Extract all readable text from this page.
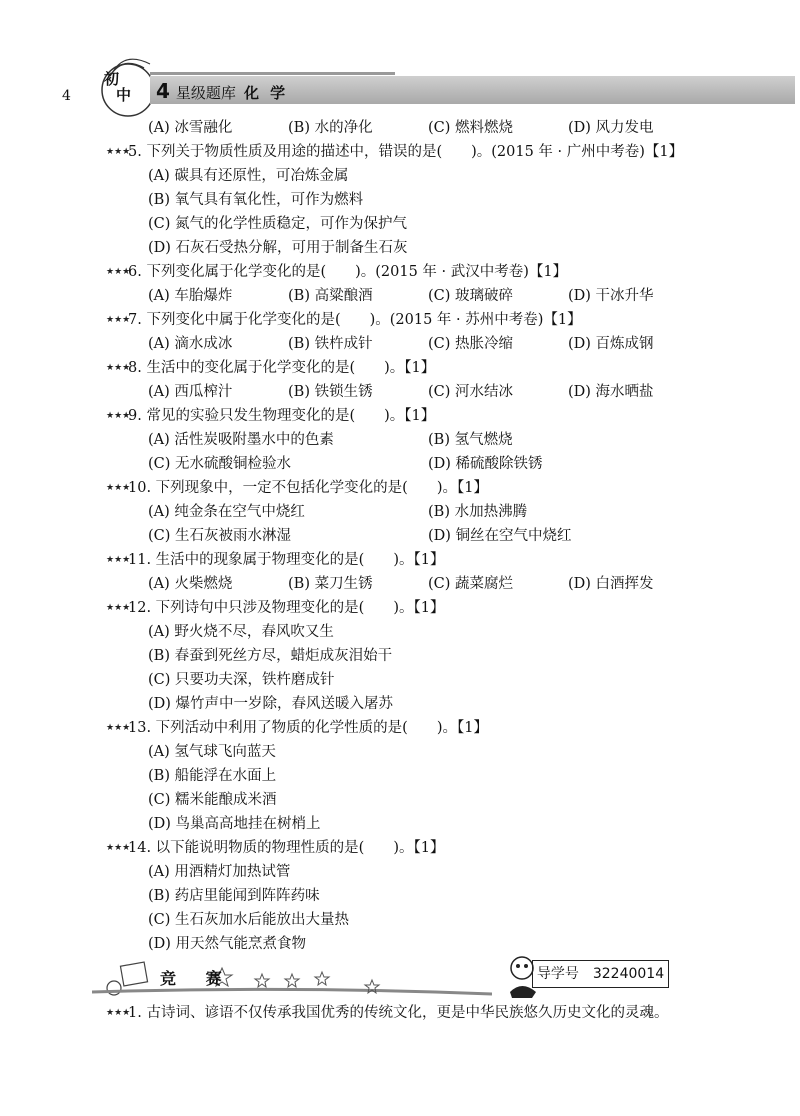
4
初
中 4 星级题库 化 学
(A) 冰雪融化	(B) 水的净化	(C) 燃料燃烧	(D) 风力发电
★★★5. 下列关于物质性质及用途的描述中，错误的是(　　)。(2015 年 · 广州中考卷)【1】
(A) 碳具有还原性，可冶炼金属
(B) 氧气具有氧化性，可作为燃料
(C) 氮气的化学性质稳定，可作为保护气
(D) 石灰石受热分解，可用于制备生石灰
★★★6. 下列变化属于化学变化的是(　　)。(2015 年 · 武汉中考卷)【1】
(A) 车胎爆炸	(B) 高粱酿酒	(C) 玻璃破碎	(D) 干冰升华
★★★7. 下列变化中属于化学变化的是(　　)。(2015 年 · 苏州中考卷)【1】
(A) 滴水成冰	(B) 铁杵成针	(C) 热胀冷缩	(D) 百炼成钢
★★★8. 生活中的变化属于化学变化的是(　　)。【1】
(A) 西瓜榨汁	(B) 铁锁生锈	(C) 河水结冰	(D) 海水晒盐
★★★9. 常见的实验只发生物理变化的是(　　)。【1】
(A) 活性炭吸附墨水中的色素	(B) 氢气燃烧
(C) 无水硫酸铜检验水	(D) 稀硫酸除铁锈
★★★10. 下列现象中，一定不包括化学变化的是(　　)。【1】
(A) 纯金条在空气中烧红	(B) 水加热沸腾
(C) 生石灰被雨水淋湿	(D) 铜丝在空气中烧红
★★★11. 生活中的现象属于物理变化的是(　　)。【1】
(A) 火柴燃烧	(B) 菜刀生锈	(C) 蔬菜腐烂	(D) 白酒挥发
★★★12. 下列诗句中只涉及物理变化的是(　　)。【1】
(A) 野火烧不尽，春风吹又生
(B) 春蚕到死丝方尽，蜡炬成灰泪始干
(C) 只要功夫深，铁杵磨成针
(D) 爆竹声中一岁除，春风送暖入屠苏
★★★13. 下列活动中利用了物质的化学性质的是(　　)。【1】
(A) 氢气球飞向蓝天
(B) 船能浮在水面上
(C) 糯米能酿成米酒
(D) 鸟巢高高地挂在树梢上
★★★14. 以下能说明物质的物理性质的是(　　)。【1】
(A) 用酒精灯加热试管
(B) 药店里能闻到阵阵药味
(C) 生石灰加水后能放出大量热
(D) 用天然气能烹煮食物
竞 赛	导学号　32240014
★★★1. 古诗词、谚语不仅传承我国优秀的传统文化，更是中华民族悠久历史文化的灵魂。
